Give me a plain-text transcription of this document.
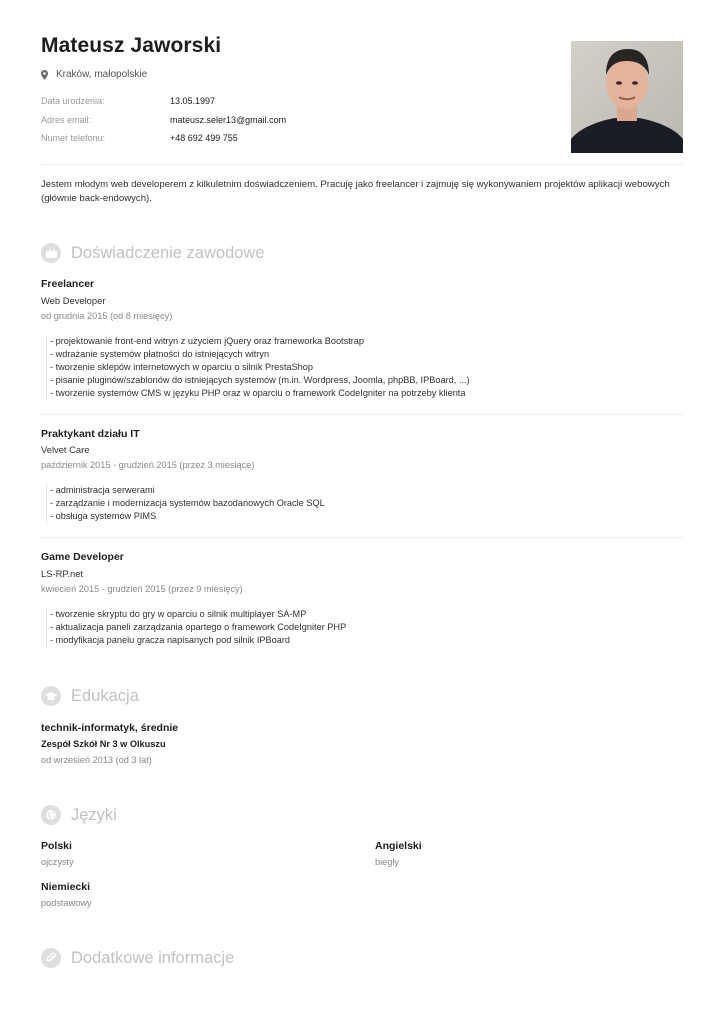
Mateusz Jaworski
Kraków, małopolskie
Data urodzenia:	13.05.1997
Adres email:	mateusz.seler13@gmail.com
Numer telefonu:	+48 692 499 755
Jestem młodym web developerem z kilkuletnim doświadczeniem. Pracuję jako freelancer i zajmuję się wykonywaniem projektów aplikacji webowych (głównie back-endowych).
Doświadczenie zawodowe
Freelancer
Web Developer
od grudnia 2015 (od 8 miesięcy)
- projektowanie front-end witryn z użyciem jQuery oraz frameworka Bootstrap
- wdrażanie systemów płatności do istniejących witryn
- tworzenie sklepów internetowych w oparciu o silnik PrestaShop
- pisanie pluginów/szablonów do istniejących systemów (m.in. Wordpress, Joomla, phpBB, IPBoard, ...)
- tworzenie systemów CMS w języku PHP oraz w oparciu o framework CodeIgniter na potrzeby klienta
Praktykant działu IT
Velvet Care
październik 2015 - grudzień 2015 (przez 3 miesiące)
- administracja serwerami
- zarządzanie i modernizacja systemów bazodanowych Oracle SQL
- obsługa systemów PIMS
Game Developer
LS-RP.net
kwiecień 2015 - grudzień 2015 (przez 9 miesięcy)
- tworzenie skryptu do gry w oparciu o silnik multiplayer SA-MP
- aktualizacja paneli zarządzania opartego o framework CodeIgniter PHP
- modyfikacja panelu gracza napisanych pod silnik IPBoard
Edukacja
technik-informatyk, średnie
Zespół Szkół Nr 3 w Olkuszu
od wrzesień 2013 (od 3 lat)
Języki
Polski
ojczysty
Angielski
biegły
Niemiecki
podstawowy
Dodatkowe informacje
